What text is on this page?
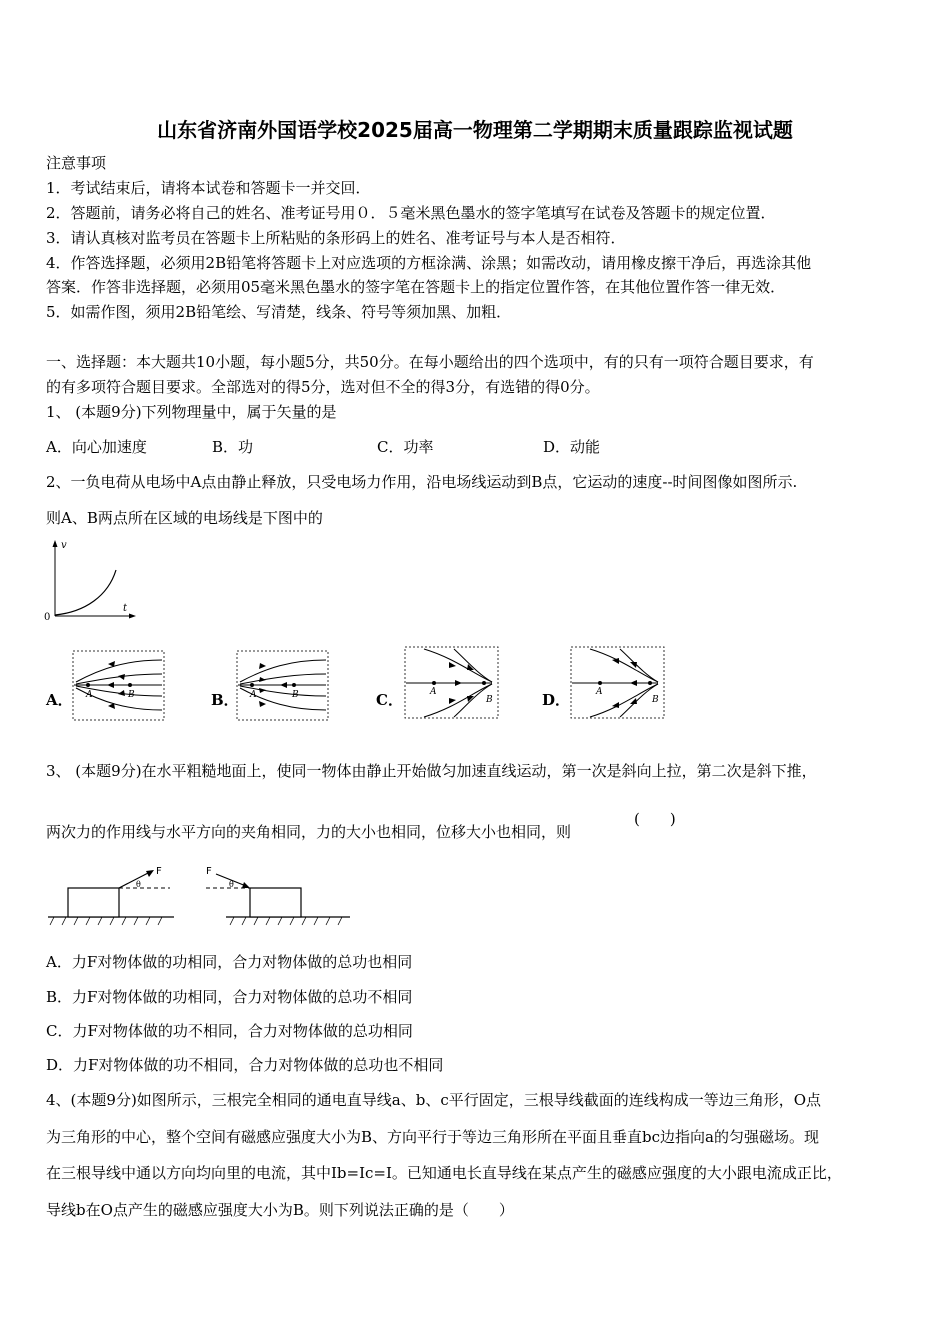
山东省济南外国语学校2025届高一物理第二学期期末质量跟踪监视试题
注意事项
1．考试结束后，请将本试卷和答题卡一并交回．
2．答题前，请务必将自己的姓名、准考证号用０．５毫米黑色墨水的签字笔填写在试卷及答题卡的规定位置．
3．请认真核对监考员在答题卡上所粘贴的条形码上的姓名、准考证号与本人是否相符．
4．作答选择题，必须用2B铅笔将答题卡上对应选项的方框涂满、涂黑；如需改动，请用橡皮擦干净后，再选涂其他
答案．作答非选择题，必须用05毫米黑色墨水的签字笔在答题卡上的指定位置作答，在其他位置作答一律无效．
5．如需作图，须用2B铅笔绘、写清楚，线条、符号等须加黑、加粗．
一、选择题：本大题共10小题，每小题5分，共50分。在每小题给出的四个选项中，有的只有一项符合题目要求，有
的有多项符合题目要求。全部选对的得5分，选对但不全的得3分，有选错的得0分。
1、 (本题9分)下列物理量中，属于矢量的是
A．向心加速度	B．功	C．功率	D．动能
2、一负电荷从电场中A点由静止释放，只受电场力作用，沿电场线运动到B点，它运动的速度--时间图像如图所示.
则A、B两点所在区域的电场线是下图中的
v
t
0
A． A	B	B． A	B	C．	A
B	D．	A
B
3、 (本题9分)在水平粗糙地面上，使同一物体由静止开始做匀加速直线运动，第一次是斜向上拉，第二次是斜下推，
两次力的作用线与水平方向的夹角相同，力的大小也相同，位移大小也相同，则
(　　)
F
θ
F
θ
A．力F对物体做的功相同，合力对物体做的总功也相同
B．力F对物体做的功相同，合力对物体做的总功不相同
C．力F对物体做的功不相同，合力对物体做的总功相同
D．力F对物体做的功不相同，合力对物体做的总功也不相同
4、(本题9分)如图所示，三根完全相同的通电直导线a、b、c平行固定，三根导线截面的连线构成一等边三角形，O点
为三角形的中心，整个空间有磁感应强度大小为B、方向平行于等边三角形所在平面且垂直bc边指向a的匀强磁场。现
在三根导线中通以方向均向里的电流，其中Ib=Ic=I。已知通电长直导线在某点产生的磁感应强度的大小跟电流成正比，
导线b在O点产生的磁感应强度大小为B。则下列说法正确的是（　　）
